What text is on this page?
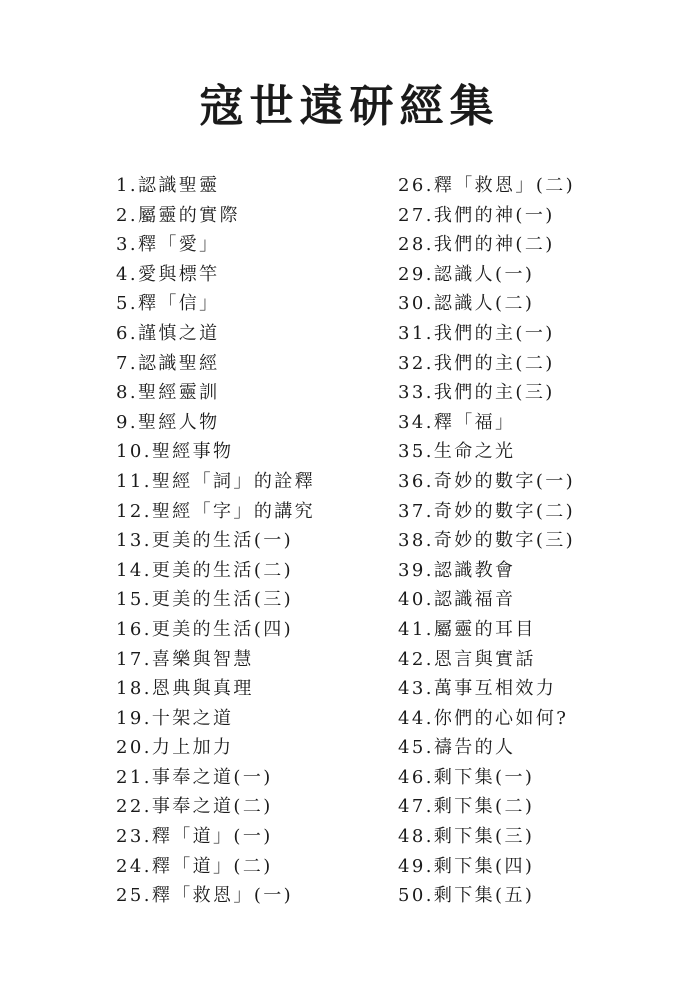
寇世遠研經集
1.認識聖靈
2.屬靈的實際
3.釋「愛」
4.愛與標竿
5.釋「信」
6.謹慎之道
7.認識聖經
8.聖經靈訓
9.聖經人物
10.聖經事物
11.聖經「詞」的詮釋
12.聖經「字」的講究
13.更美的生活(一)
14.更美的生活(二)
15.更美的生活(三)
16.更美的生活(四)
17.喜樂與智慧
18.恩典與真理
19.十架之道
20.力上加力
21.事奉之道(一)
22.事奉之道(二)
23.釋「道」(一)
24.釋「道」(二)
25.釋「救恩」(一)
26.釋「救恩」(二)
27.我們的神(一)
28.我們的神(二)
29.認識人(一)
30.認識人(二)
31.我們的主(一)
32.我們的主(二)
33.我們的主(三)
34.釋「福」
35.生命之光
36.奇妙的數字(一)
37.奇妙的數字(二)
38.奇妙的數字(三)
39.認識教會
40.認識福音
41.屬靈的耳目
42.恩言與實話
43.萬事互相效力
44.你們的心如何?
45.禱告的人
46.剩下集(一)
47.剩下集(二)
48.剩下集(三)
49.剩下集(四)
50.剩下集(五)
